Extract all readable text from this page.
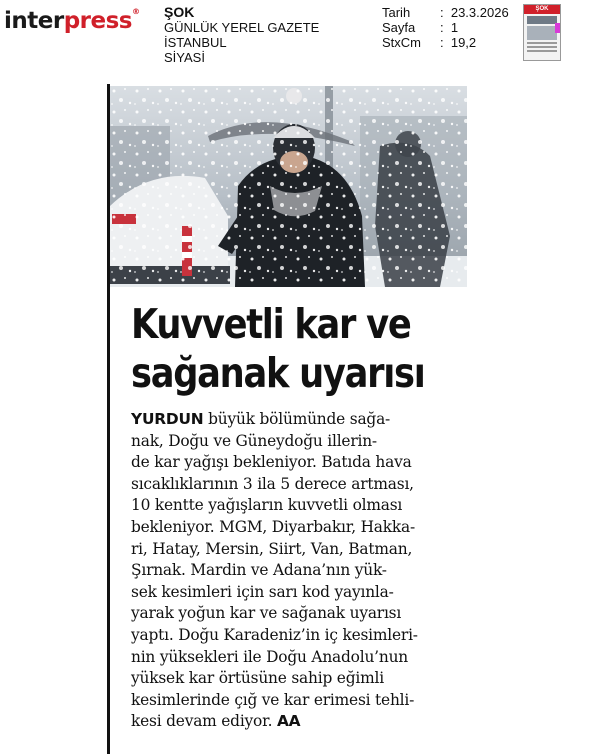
interpress® ŞOK
GÜNLÜK YEREL GAZETE
İSTANBUL
SİYASİ
Tarih	: 23.3.2026
Sayfa	: 1
StxCm	: 19,2
ŞOK
Kuvvetli kar ve
sağanak uyarısı
YURDUN büyük bölümünde sağa-
nak, Doğu ve Güneydoğu illerin-
de kar yağışı bekleniyor. Batıda hava
sıcaklıklarının 3 ila 5 derece artması,
10 kentte yağışların kuvvetli olması
bekleniyor. MGM, Diyarbakır, Hakka-
ri, Hatay, Mersin, Siirt, Van, Batman,
Şırnak. Mardin ve Adana’nın yük-
sek kesimleri için sarı kod yayınla-
yarak yoğun kar ve sağanak uyarısı
yaptı. Doğu Karadeniz’in iç kesimleri-
nin yüksekleri ile Doğu Anadolu’nun
yüksek kar örtüsüne sahip eğimli
kesimlerinde çığ ve kar erimesi tehli-
kesi devam ediyor. AA
